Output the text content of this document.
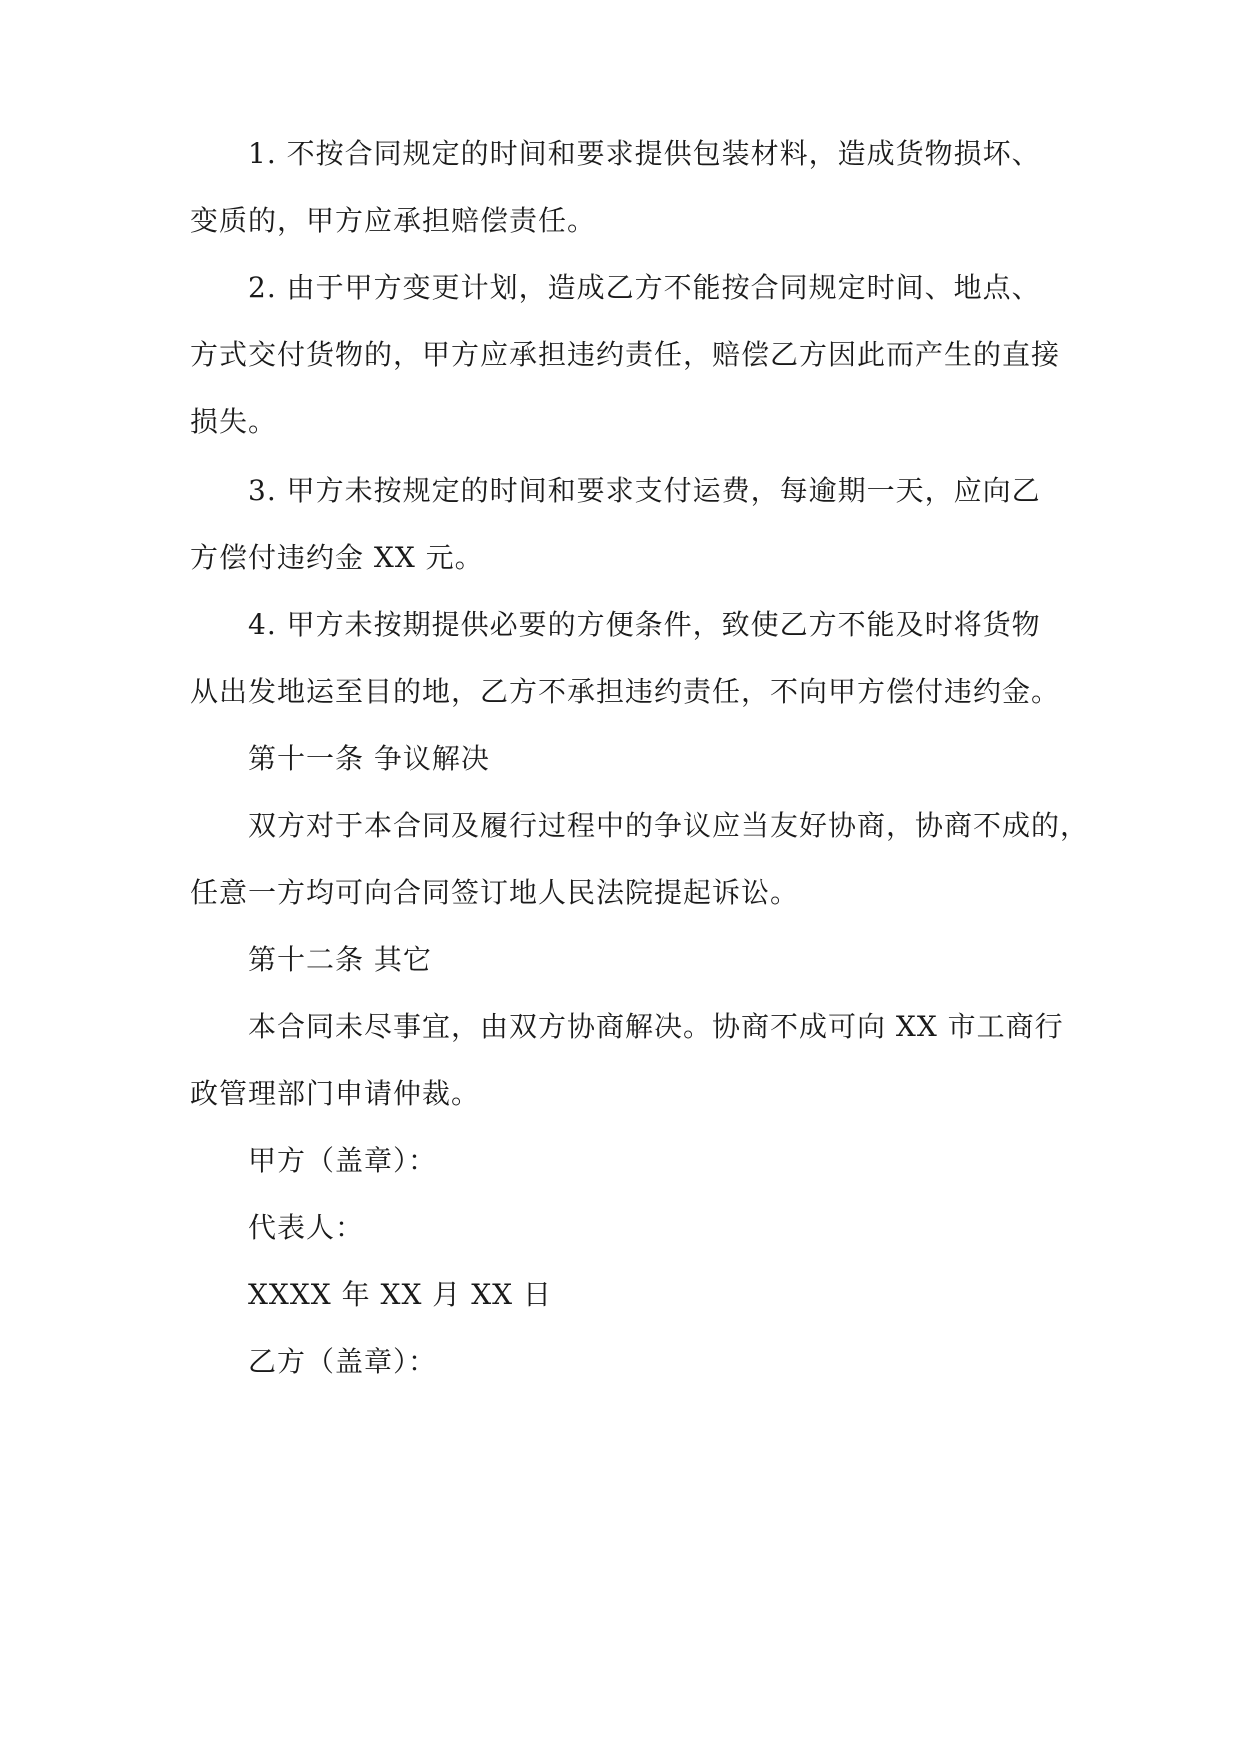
1. 不按合同规定的时间和要求提供包装材料，造成货物损坏、
变质的，甲方应承担赔偿责任。
2. 由于甲方变更计划，造成乙方不能按合同规定时间、地点、
方式交付货物的，甲方应承担违约责任，赔偿乙方因此而产生的直接
损失。
3. 甲方未按规定的时间和要求支付运费，每逾期一天，应向乙
方偿付违约金 XX 元。
4. 甲方未按期提供必要的方便条件，致使乙方不能及时将货物
从出发地运至目的地，乙方不承担违约责任，不向甲方偿付违约金。
第十一条 争议解决
双方对于本合同及履行过程中的争议应当友好协商，协商不成的，
任意一方均可向合同签订地人民法院提起诉讼。
第十二条 其它
本合同未尽事宜，由双方协商解决。协商不成可向 XX 市工商行
政管理部门申请仲裁。
甲方（盖章）：
代表人：
XXXX 年 XX 月 XX 日
乙方（盖章）：
